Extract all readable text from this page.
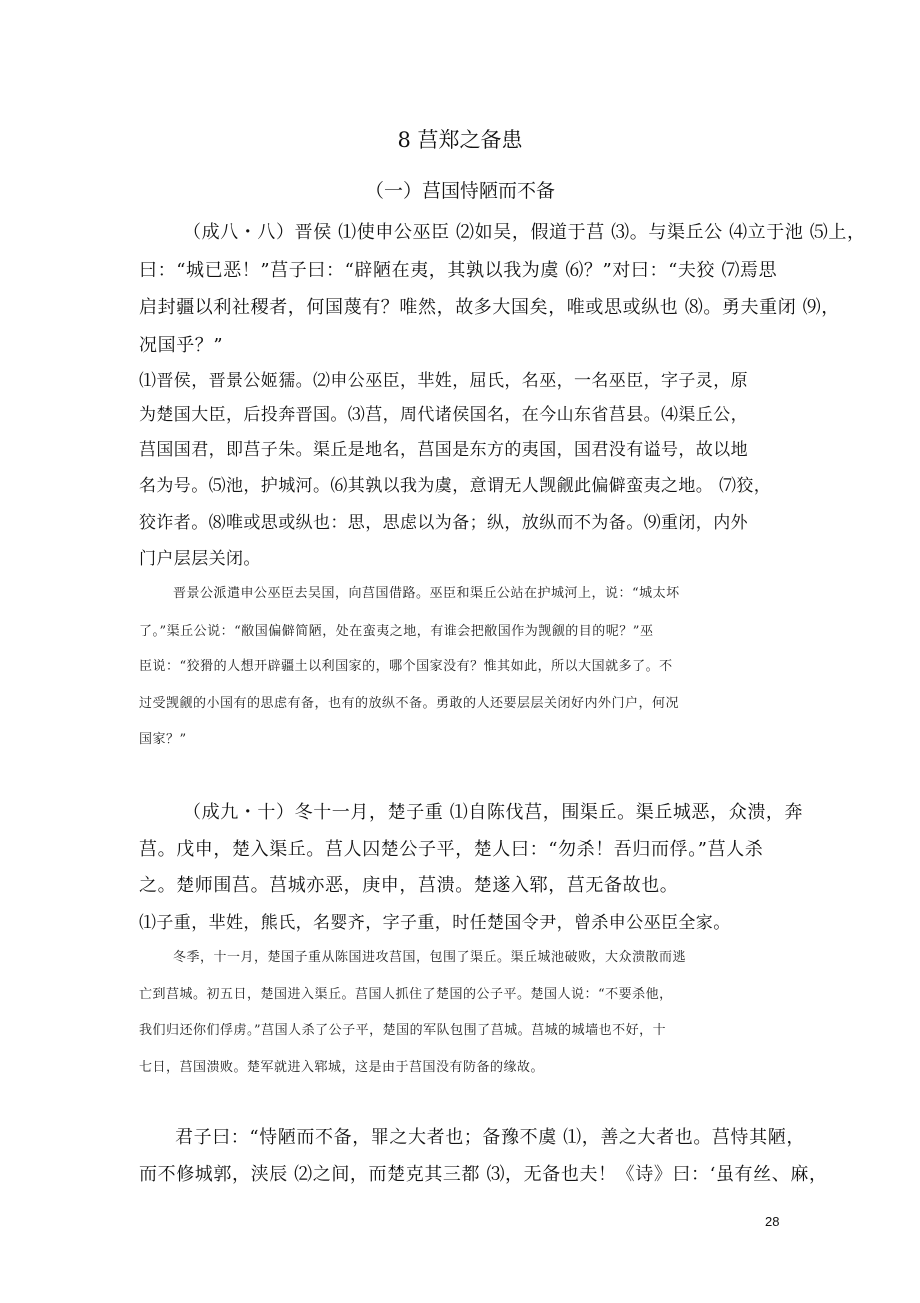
8 莒郑之备患
（一）莒国恃陋而不备
（成八・八）晋侯 ⑴使申公巫臣 ⑵如吴，假道于莒 ⑶。与渠丘公 ⑷立于池 ⑸上，
曰：“城已恶！”莒子曰：“辟陋在夷，其孰以我为虞 ⑹？”对曰：“夫狡 ⑺焉思
启封疆以利社稷者，何国蔑有？唯然，故多大国矣，唯或思或纵也 ⑻。勇夫重闭 ⑼，
况国乎？”
⑴晋侯，晋景公姬獳。⑵申公巫臣，芈姓，屈氏，名巫，一名巫臣，字子灵，原
为楚国大臣，后投奔晋国。⑶莒，周代诸侯国名，在今山东省莒县。⑷渠丘公，
莒国国君，即莒子朱。渠丘是地名，莒国是东方的夷国，国君没有谥号，故以地
名为号。⑸池，护城河。⑹其孰以我为虞，意谓无人觊觎此偏僻蛮夷之地。 ⑺狡，
狡诈者。⑻唯或思或纵也：思，思虑以为备；纵，放纵而不为备。⑼重闭，内外
门户层层关闭。
晋景公派遣申公巫臣去吴国，向莒国借路。巫臣和渠丘公站在护城河上，说：“城太坏
了。”渠丘公说：“敝国偏僻简陋，处在蛮夷之地，有谁会把敝国作为觊觎的目的呢？”巫
臣说：“狡猾的人想开辟疆土以利国家的，哪个国家没有？惟其如此，所以大国就多了。不
过受觊觎的小国有的思虑有备，也有的放纵不备。勇敢的人还要层层关闭好内外门户，何况
国家？”
（成九・十）冬十一月，楚子重 ⑴自陈伐莒，围渠丘。渠丘城恶，众溃，奔
莒。戊申，楚入渠丘。莒人囚楚公子平，楚人曰：“勿杀！吾归而俘。”莒人杀
之。楚师围莒。莒城亦恶，庚申，莒溃。楚遂入郓，莒无备故也。
⑴子重，芈姓，熊氏，名婴齐，字子重，时任楚国令尹，曾杀申公巫臣全家。
冬季，十一月，楚国子重从陈国进攻莒国，包围了渠丘。渠丘城池破败，大众溃散而逃
亡到莒城。初五日，楚国进入渠丘。莒国人抓住了楚国的公子平。楚国人说：“不要杀他，
我们归还你们俘虏。”莒国人杀了公子平，楚国的军队包围了莒城。莒城的城墙也不好，十
七日，莒国溃败。楚军就进入郓城，这是由于莒国没有防备的缘故。
君子曰：“恃陋而不备，罪之大者也；备豫不虞 ⑴，善之大者也。莒恃其陋，
而不修城郭，浃辰 ⑵之间，而楚克其三都 ⑶，无备也夫！《诗》曰：‘虽有丝、麻，
28
